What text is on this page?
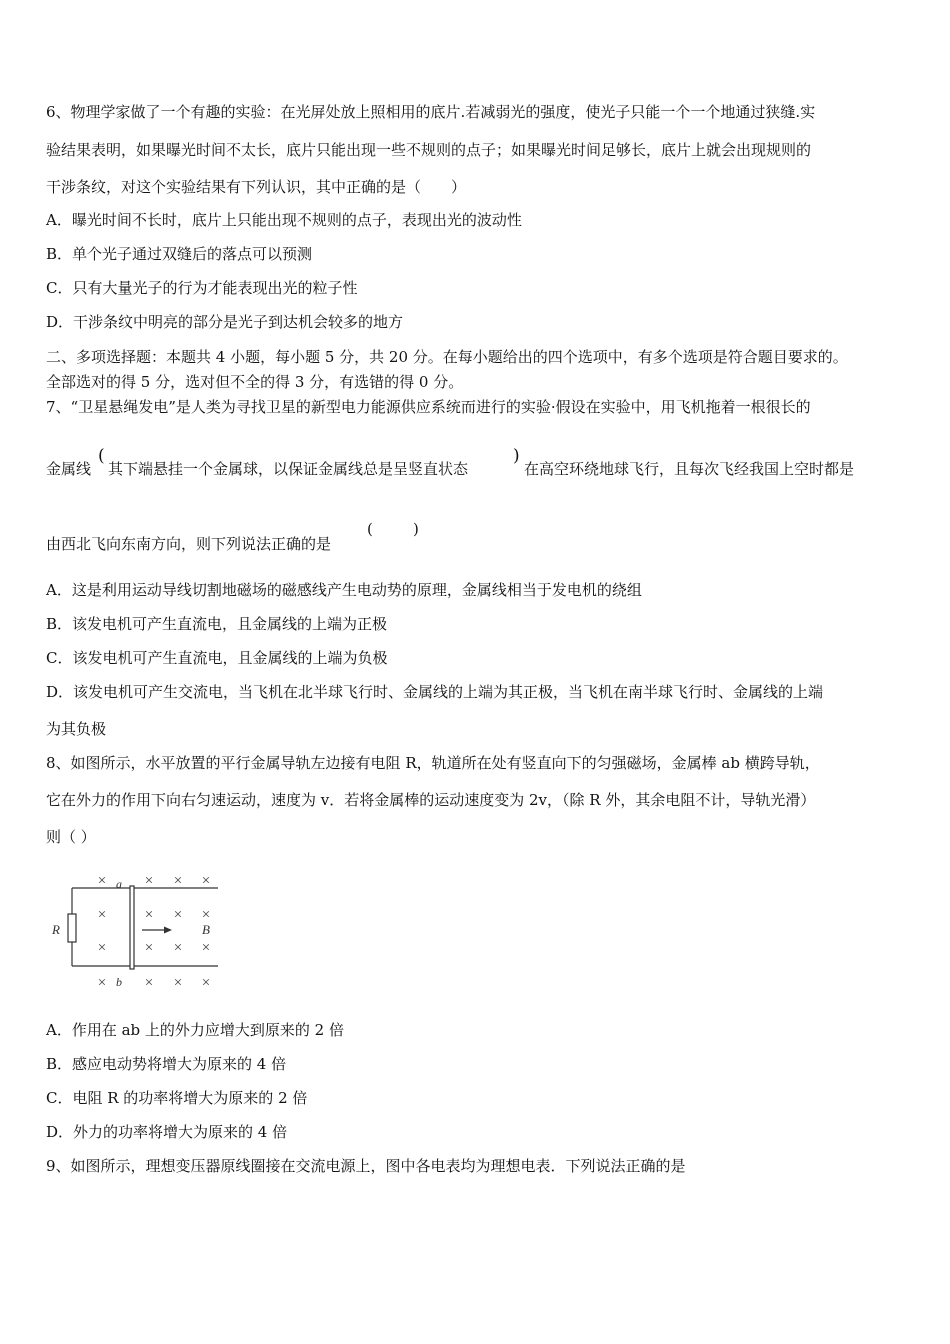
6、物理学家做了一个有趣的实验：在光屏处放上照相用的底片.若减弱光的强度，使光子只能一个一个地通过狭缝.实
验结果表明，如果曝光时间不太长，底片只能出现一些不规则的点子；如果曝光时间足够长，底片上就会出现规则的
干涉条纹，对这个实验结果有下列认识，其中正确的是（　　）
A．曝光时间不长时，底片上只能出现不规则的点子，表现出光的波动性
B．单个光子通过双缝后的落点可以预测
C．只有大量光子的行为才能表现出光的粒子性
D．干涉条纹中明亮的部分是光子到达机会较多的地方
二、多项选择题：本题共 4 小题，每小题 5 分，共 20 分。在每小题给出的四个选项中，有多个选项是符合题目要求的。
全部选对的得 5 分，选对但不全的得 3 分，有选错的得 0 分。
7、“卫星悬绳发电”是人类为寻找卫星的新型电力能源供应系统而进行的实验·假设在实验中，用飞机拖着一根很长的
金属线
(
其下端悬挂一个金属球，以保证金属线总是呈竖直状态
)
在高空环绕地球飞行，且每次飞经我国上空时都是
由西北飞向东南方向，则下列说法正确的是
(	)
A．这是利用运动导线切割地磁场的磁感线产生电动势的原理，金属线相当于发电机的绕组
B．该发电机可产生直流电，且金属线的上端为正极
C．该发电机可产生直流电，且金属线的上端为负极
D．该发电机可产生交流电，当飞机在北半球飞行时、金属线的上端为其正极，当飞机在南半球飞行时、金属线的上端
为其负极
8、如图所示，水平放置的平行金属导轨左边接有电阻 R，轨道所在处有竖直向下的匀强磁场，金属棒 ab 横跨导轨，
它在外力的作用下向右匀速运动，速度为 v．若将金属棒的运动速度变为 2v，（除 R 外，其余电阻不计，导轨光滑）
则（ ）
R
a
b
B
×	× × ×
×	× × ×
×	× × ×
×	× × ×
A．作用在 ab 上的外力应增大到原来的 2 倍
B．感应电动势将增大为原来的 4 倍
C．电阻 R 的功率将增大为原来的 2 倍
D．外力的功率将增大为原来的 4 倍
9、如图所示，理想变压器原线圈接在交流电源上，图中各电表均为理想电表．下列说法正确的是
